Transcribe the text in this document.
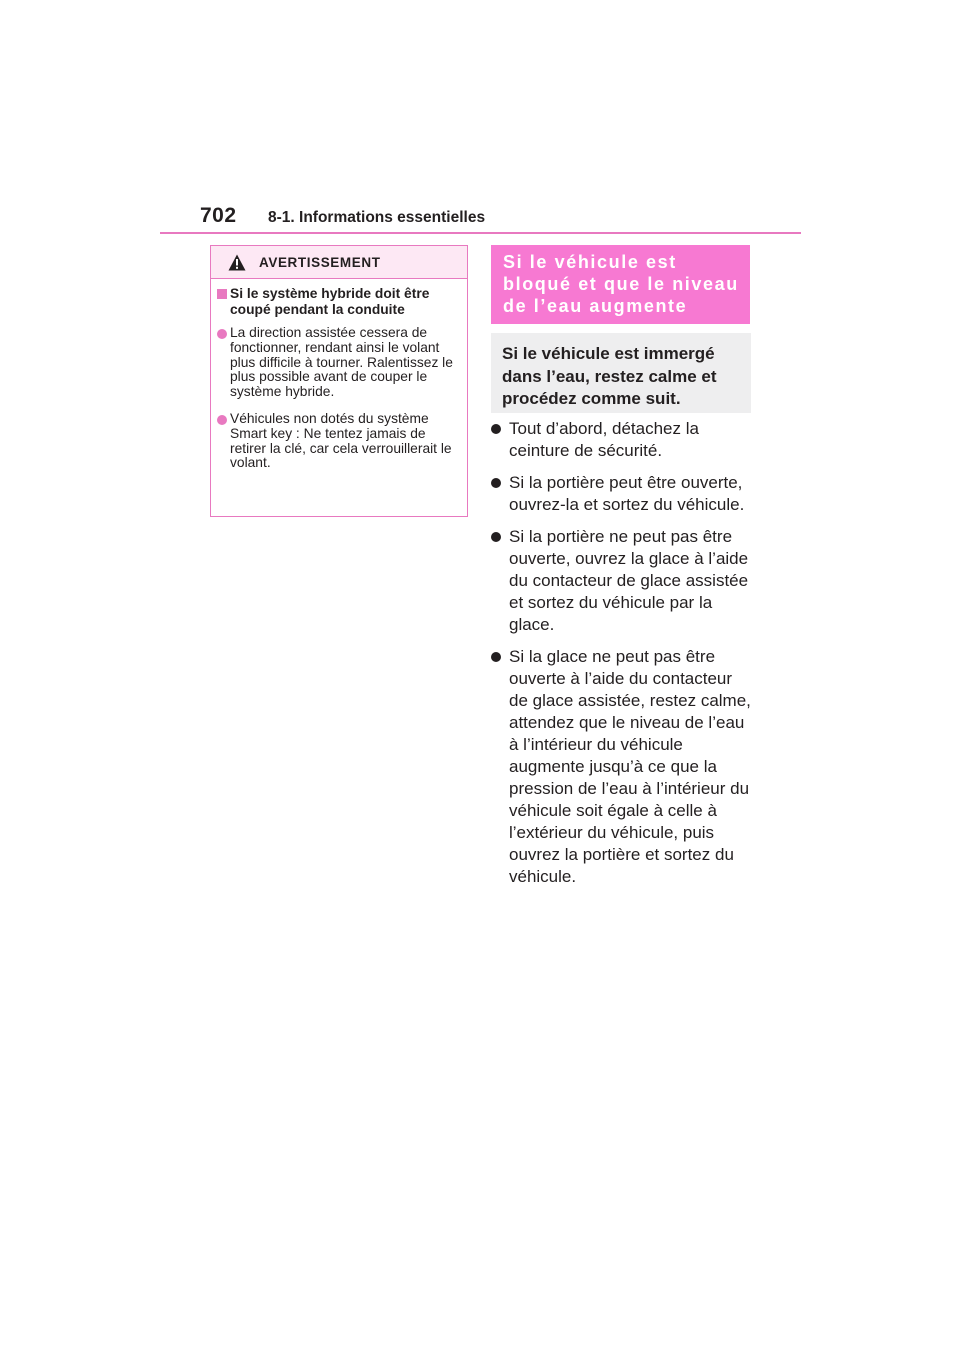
702 8-1. Informations essentielles
AVERTISSEMENT
Si le système hybride doit être coupé pendant la conduite
La direction assistée cessera de fonctionner, rendant ainsi le volant plus difficile à tourner. Ralentissez le plus possible avant de couper le système hybride.
Véhicules non dotés du système Smart key : Ne tentez jamais de retirer la clé, car cela verrouillerait le volant.
Si le véhicule est bloqué et que le niveau de l’eau augmente
Si le véhicule est immergé dans l’eau, restez calme et procédez comme suit.
Tout d’abord, détachez la ceinture de sécurité.
Si la portière peut être ouverte, ouvrez-la et sortez du véhicule.
Si la portière ne peut pas être ouverte, ouvrez la glace à l’aide du contacteur de glace assistée et sortez du véhicule par la glace.
Si la glace ne peut pas être ouverte à l’aide du contacteur de glace assistée, restez calme, attendez que le niveau de l’eau à l’intérieur du véhicule augmente jusqu’à ce que la pression de l’eau à l’intérieur du véhicule soit égale à celle à l’extérieur du véhicule, puis ouvrez la portière et sortez du véhicule.
